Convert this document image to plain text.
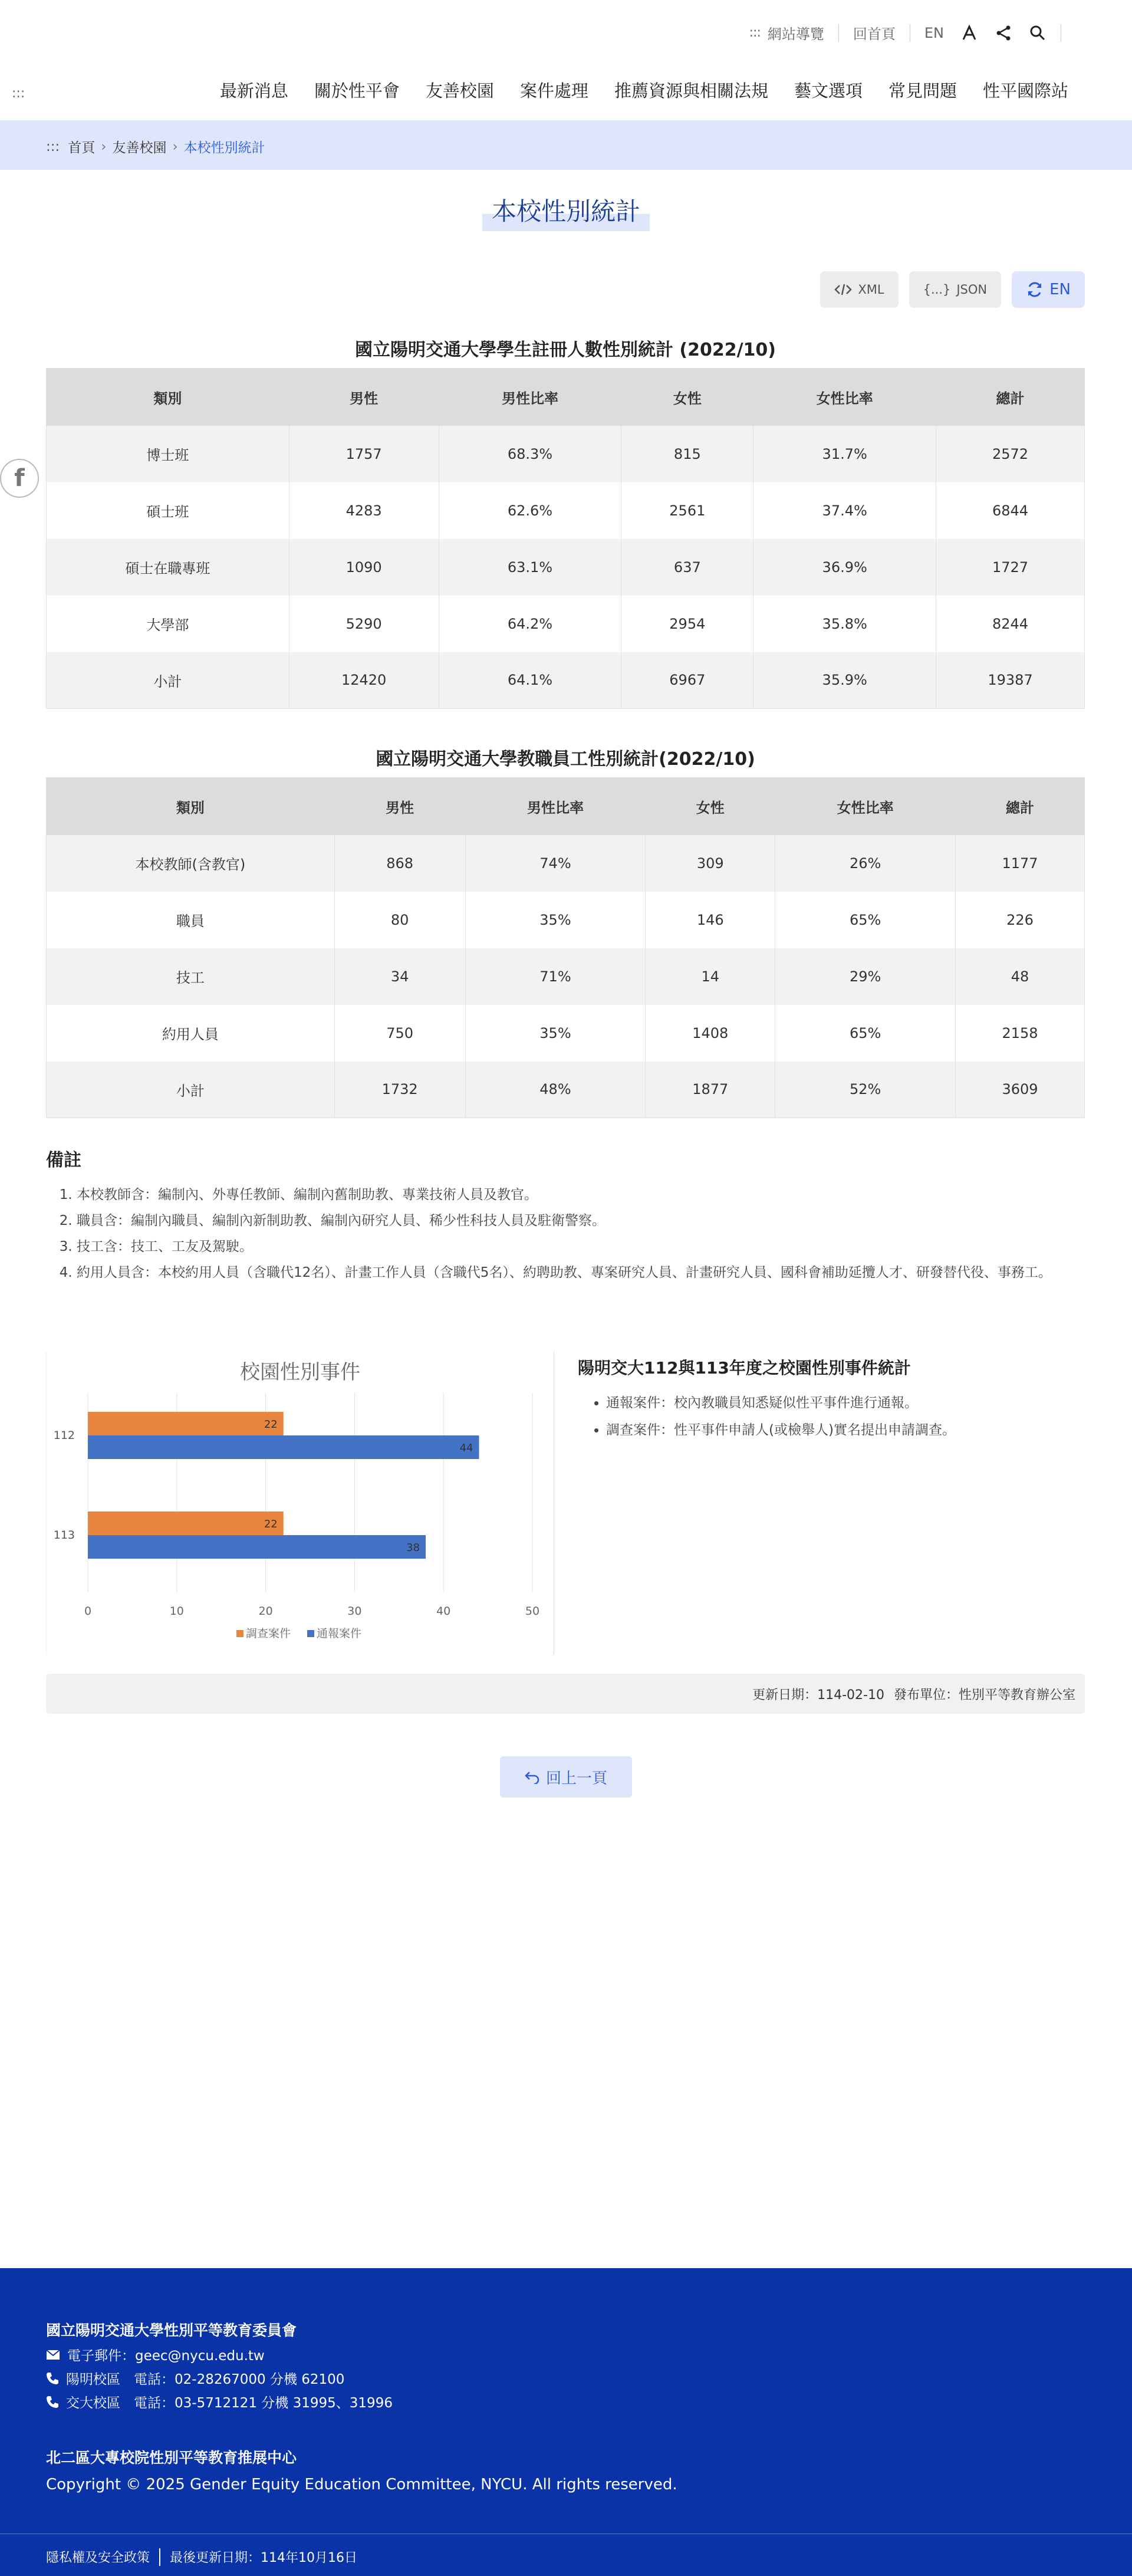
::: 網站導覽 回首頁 EN
:::	最新消息 關於性平會 友善校園 案件處理 推薦資源與相關法規 藝文選項 常見問題 性平國際站
::: 首頁 › 友善校園 › 本校性別統計
本校性別統計
XML	{...} JSON	EN
f
國立陽明交通大學學生註冊人數性別統計 (2022/10)
類別	男性	男性比率	女性	女性比率	總計
博士班	1757	68.3%	815	31.7%	2572
碩士班	4283	62.6%	2561	37.4%	6844
碩士在職專班	1090	63.1%	637	36.9%	1727
大學部	5290	64.2%	2954	35.8%	8244
小計	12420	64.1%	6967	35.9%	19387
國立陽明交通大學教職員工性別統計(2022/10)
類別	男性	男性比率	女性	女性比率	總計
本校教師(含教官)	868	74%	309	26%	1177
職員	80	35%	146	65%	226
技工	34	71%	14	29%	48
約用人員	750	35%	1408	65%	2158
小計	1732	48%	1877	52%	3609
備註
1. 本校教師含：編制內、外專任教師、編制內舊制助教、專業技術人員及教官。
2. 職員含：編制內職員、編制內新制助教、編制內研究人員、稀少性科技人員及駐衛警察。
3. 技工含：技工、工友及駕駛。
4. 約用人員含：本校約用人員（含職代12名）、計畫工作人員（含職代5名）、約聘助教、專案研究人員、計畫研究人員、國科會補助延攬人才、研發替代役、事務工。
校園性別事件
0	10	20	30	40	50
112
22
44
113
22
38
調查案件 通報案件
陽明交大112與113年度之校園性別事件統計
• 通報案件：校內教職員知悉疑似性平事件進行通報。
• 調查案件：性平事件申請人(或檢舉人)實名提出申請調查。
更新日期：114-02-10 發布單位：性別平等教育辦公室
回上一頁
國立陽明交通大學性別平等教育委員會
電子郵件：geec@nycu.edu.tw
陽明校區　電話：02-28267000 分機 62100
交大校區　電話：03-5712121 分機 31995、31996
北二區大專校院性別平等教育推展中心
Copyright © 2025 Gender Equity Education Committee, NYCU. All rights reserved.
隱私權及安全政策 最後更新日期：114年10月16日
